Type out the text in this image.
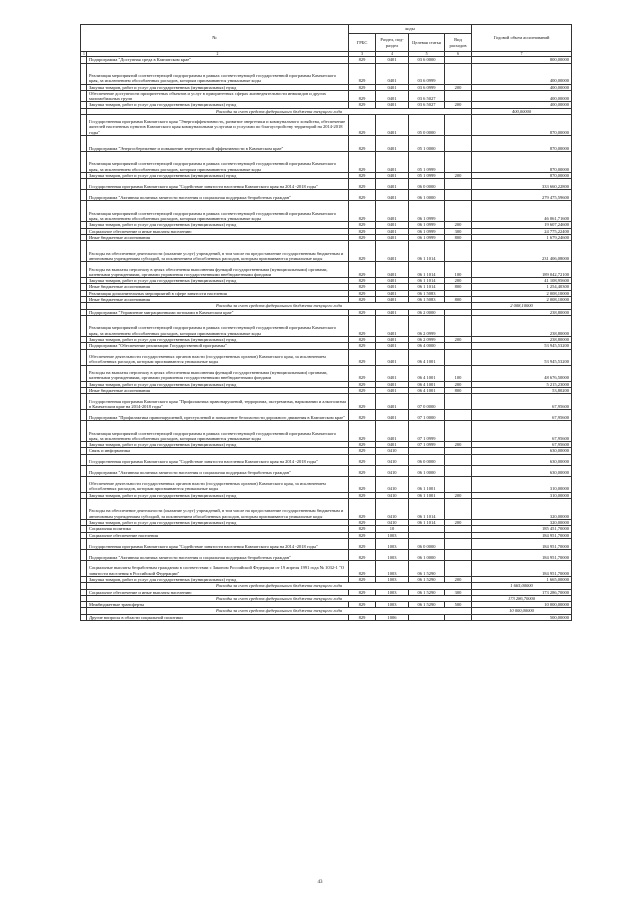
№		коды				Годовой объем ассигнований
		ГРБС	Раздел, под-раздел	Целевая статья	Вид расходов	
1	2	3	4	5	6	7
	Подпрограмма "Доступная среда в Камчатском крае"	829	0401	03 6 0000		800,00000
	Реализация мероприятий соответствующей подпрограммы в рамках соответствующей государственной программы Камчатского края, за исключением обособленных расходов, которым присваиваются уникальные коды	829	0401	03 6 0999		400,00000
	Закупка товаров, работ и услуг для государственных (муниципальных) нужд	829	0401	03 6 0999	200	400,00000
	Обеспечение доступности приоритетных объектов и услуг в приоритетных сферах жизнедеятельности инвалидов и других маломобильных групп	829	0401	03 6 5027		400,00000
	Закупка товаров, работ и услуг для государственных (муниципальных) нужд	829	0401	03 6 5027	200	400,00000
	Расходы за счет средств федерального бюджета текущего года					400,00000
	Государственная программа Камчатского края "Энергоэффективность, развитие энергетики и коммунального хозяйства, обеспечение жителей населенных пунктов Камчатского края коммунальными услугами и услугами по благоустройству территорий на 2014-2018 годы"	829	0401	05 0 0000		870,00000
	Подпрограмма "Энергосбережение и повышение энергетической эффективности в Камчатском крае"	829	0401	05 1 0000		870,00000
	Реализация мероприятий соответствующей подпрограммы в рамках соответствующей государственной программы Камчатского края, за исключением обособленных расходов, которым присваиваются уникальные коды	829	0401	05 1 0999		870,00000
	Закупка товаров, работ и услуг для государственных (муниципальных) нужд	829	0401	05 1 0999	200	870,00000
	Государственная программа Камчатского края "Содействие занятости населения Камчатского края на 2014 -2018 годы"	829	0401	06 0 0000		333 660,22800
	Подпрограмма "Активная политика занятости населения и социальная поддержка безработных граждан"	829	0401	06 1 0000		279 475,59600
	Реализация мероприятий соответствующей подпрограммы в рамках соответствующей государственной программы Камчатского края, за исключением обособленных расходов, которым присваиваются уникальные коды	829	0401	06 1 0999		46 061,71600
	Закупка товаров, работ и услуг для государственных (муниципальных) нужд	829	0401	06 1 0999	200	19 607,24600
	Социальное обеспечение и иные выплаты населению	829	0401	06 1 0999	300	24 775,22400
	Иные бюджетные ассигнования	829	0401	06 1 0999	800	1 679,24600
	Расходы на обеспечение деятельности (оказание услуг) учреждений, в том числе на предоставление государственным бюджетным и автономным учреждениям субсидий, за исключением обособленных расходов, которым присваиваются уникальные коды	829	0401	06 1 1014		231 406,08000
	Расходы на выплаты персоналу в целях обеспечения выполнения функций государственными (муниципальными) органами, казенными учреждениями, органами управления государственными внебюджетными фондами	829	0401	06 1 1014	100	189 042,72100
	Закупка товаров, работ и услуг для государственных (муниципальных) нужд	829	0401	06 1 1014	200	41 108,95600
	Иные бюджетные ассигнования	829	0401	06 1 1014	800	1 254,40300
	Реализация дополнительных мероприятий в сфере занятости населения	829	0401	06 1 5083		2 008,10000
	Иные бюджетные ассигнования	829	0401	06 1 5083	800	2 008,10000
	Расходы за счет средств федерального бюджета текущего года					2 008,10000
	Подпрограмма "Управление миграционными потоками в Камчатском крае"	829	0401	06 2 0000		238,80000
	Реализация мероприятий соответствующей подпрограммы в рамках соответствующей государственной программы Камчатского края, за исключением обособленных расходов, которым присваиваются уникальные коды	829	0401	06 2 0999		238,80000
	Закупка товаров, работ и услуг для государственных (муниципальных) нужд	829	0401	06 2 0999	200	238,80000
	Подпрограмма "Обеспечение реализации Государственной программы"	829	0401	06 4 0000		53 945,53200
	Обеспечение деятельности государственных органов власти (государственных органов) Камчатского края, за исключением обособленных расходов, которым присваиваются уникальные коды	829	0401	06 4 1001		53 945,53200
	Расходы на выплаты персоналу в целях обеспечения выполнения функций государственными (муниципальными) органами, казенными учреждениями, органами управления государственными внебюджетными фондами	829	0401	06 4 1001	100	48 676,50000
	Закупка товаров, работ и услуг для государственных (муниципальных) нужд	829	0401	06 4 1001	200	5 215,23000
	Иные бюджетные ассигнования	829	0401	06 4 1001	800	53,80200
	Государственная программа Камчатского края "Профилактика правонарушений, терроризма, экстремизма, наркомании и алкоголизма в Камчатском крае на 2014-2018 годы"	829	0401	07 0 0000		67,95600
	Подпрограмма "Профилактика правонарушений, преступлений и повышение безопасности дорожного движения в Камчатском крае"	829	0401	07 1 0000		67,95600
	Реализация мероприятий соответствующей подпрограммы в рамках соответствующей государственной программы Камчатского края, за исключением обособленных расходов, которым присваиваются уникальные коды	829	0401	07 1 0999		67,95600
	Закупка товаров, работ и услуг для государственных (муниципальных) нужд	829	0401	07 1 0999	200	67,95600
	Связь и информатика	829	0410			630,00000
	Государственная программа Камчатского края "Содействие занятости населения Камчатского края на 2014 -2018 годы"	829	0410	06 0 0000		630,00000
	Подпрограмма "Активная политика занятости населения и социальная поддержка безработных граждан"	829	0410	06 1 0000		630,00000
	Обеспечение деятельности государственных органов власти (государственных органов) Камчатского края, за исключением обособленных расходов, которым присваиваются уникальные коды	829	0410	06 1 1001		310,00000
	Закупка товаров, работ и услуг для государственных (муниципальных) нужд	829	0410	06 1 1001	200	310,00000
	Расходы на обеспечение деятельности (оказание услуг) учреждений, в том числе на предоставление государственным бюджетным и автономным учреждениям субсидий, за исключением обособленных расходов, которым присваиваются уникальные коды	829	0410	06 1 1014		320,00000
	Закупка товаров, работ и услуг для государственных (муниципальных) нужд	829	0410	06 1 1014	200	320,00000
	Социальная политика	829	10			185 451,70000
	Социальное обеспечение населения	829	1003			184 951,70000
	Государственная программа Камчатского края "Содействие занятости населения Камчатского края на 2014 -2018 годы"	829	1003	06 0 0000		184 951,70000
	Подпрограмма "Активная политика занятости населения и социальная поддержка безработных граждан"	829	1003	06 1 0000		184 951,70000
	Социальные выплаты безработным гражданам в соответствии с Законом Российской Федерации от 19 апреля 1991 года № 1032-1 "О занятости населения в Российской Федерации"	829	1003	06 1 5290		184 951,70000
	Закупка товаров, работ и услуг для государственных (муниципальных) нужд	829	1003	06 1 5290	200	1 665,00000
	Расходы за счет средств федерального бюджета текущего года					1 665,00000
	Социальное обеспечение и иные выплаты населению	829	1003	06 1 5290	300	173 286,70000
	Расходы за счет средств федерального бюджета текущего года					173 286,70000
	Межбюджетные трансферты	829	1003	06 1 5290	500	10 000,00000
	Расходы за счет средств федерального бюджета текущего года					10 000,00000
	Другие вопросы в области социальной политики	829	1006			500,00000
43
